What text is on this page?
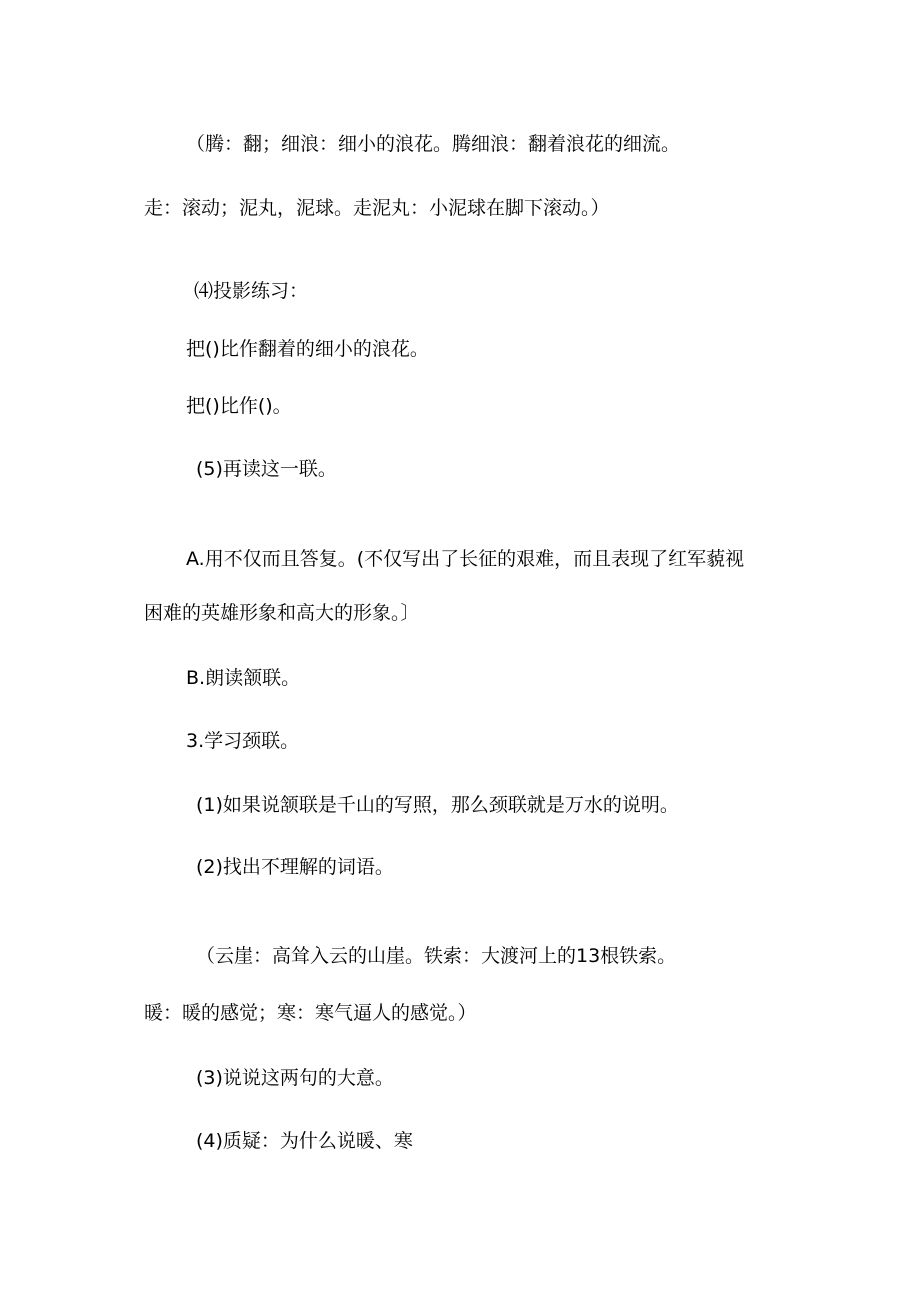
（腾：翻；细浪：细小的浪花。腾细浪：翻着浪花的细流。

走：滚动；泥丸，泥球。走泥丸：小泥球在脚下滚动。）

⑷投影练习：

把()比作翻着的细小的浪花。

把()比作()。

(5)再读这一联。

A.用不仅而且答复。(不仅写出了长征的艰难，而且表现了红军藐视

困难的英雄形象和高大的形象。〕

B.朗读颔联。

3.学习颈联。

(1)如果说颔联是千山的写照，那么颈联就是万水的说明。

(2)找出不理解的词语。

（云崖：高耸入云的山崖。铁索：大渡河上的13根铁索。

暖：暖的感觉；寒：寒气逼人的感觉。）

(3)说说这两句的大意。

(4)质疑：为什么说暖、寒
